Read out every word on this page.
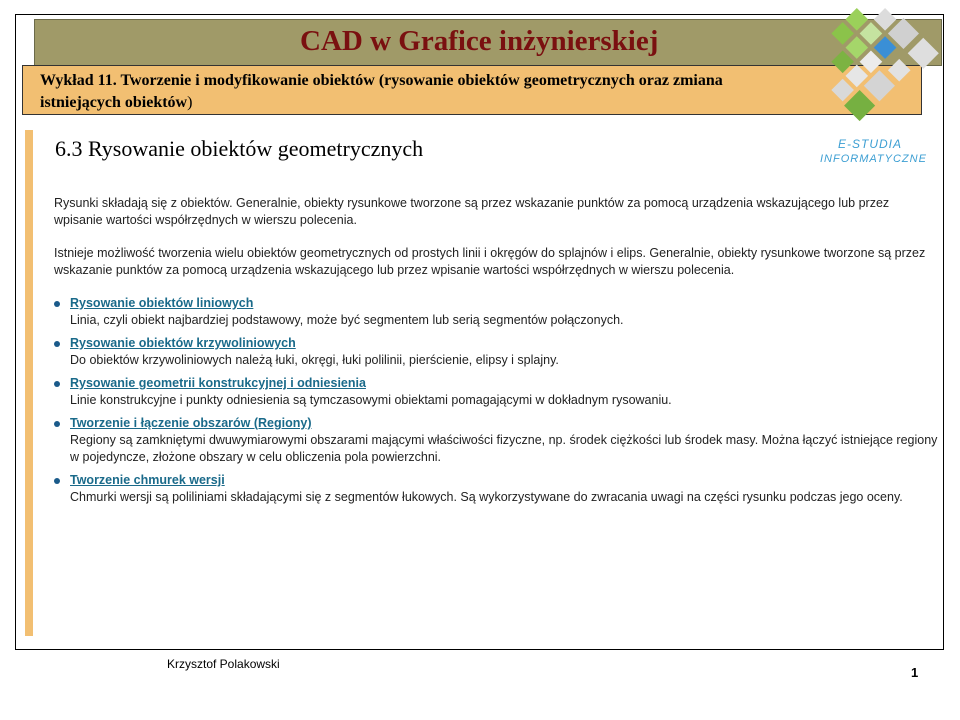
CAD w Grafice inżynierskiej
Wykład 11. Tworzenie i modyfikowanie obiektów (rysowanie obiektów geometrycznych oraz zmiana istniejących obiektów)
E-STUDIA
INFORMATYCZNE
6.3 Rysowanie obiektów geometrycznych

Rysunki składają się z obiektów. Generalnie, obiekty rysunkowe tworzone są przez wskazanie punktów za pomocą urządzenia wskazującego lub przez wpisanie wartości współrzędnych w wierszu polecenia.

Istnieje możliwość tworzenia wielu obiektów geometrycznych od prostych linii i okręgów do splajnów i elips. Generalnie, obiekty rysunkowe tworzone są przez wskazanie punktów za pomocą urządzenia wskazującego lub przez wpisanie wartości współrzędnych w wierszu polecenia.

Rysowanie obiektów liniowych
Linia, czyli obiekt najbardziej podstawowy, może być segmentem lub serią segmentów połączonych.
Rysowanie obiektów krzywoliniowych
Do obiektów krzywoliniowych należą łuki, okręgi, łuki polilinii, pierścienie, elipsy i splajny.
Rysowanie geometrii konstrukcyjnej i odniesienia
Linie konstrukcyjne i punkty odniesienia są tymczasowymi obiektami pomagającymi w dokładnym rysowaniu.
Tworzenie i łączenie obszarów (Regiony)
Regiony są zamkniętymi dwuwymiarowymi obszarami mającymi właściwości fizyczne, np. środek ciężkości lub środek masy. Można łączyć istniejące regiony w pojedyncze, złożone obszary w celu obliczenia pola powierzchni.
Tworzenie chmurek wersji
Chmurki wersji są poliliniami składającymi się z segmentów łukowych. Są wykorzystywane do zwracania uwagi na części rysunku podczas jego oceny.
Krzysztof Polakowski
1
